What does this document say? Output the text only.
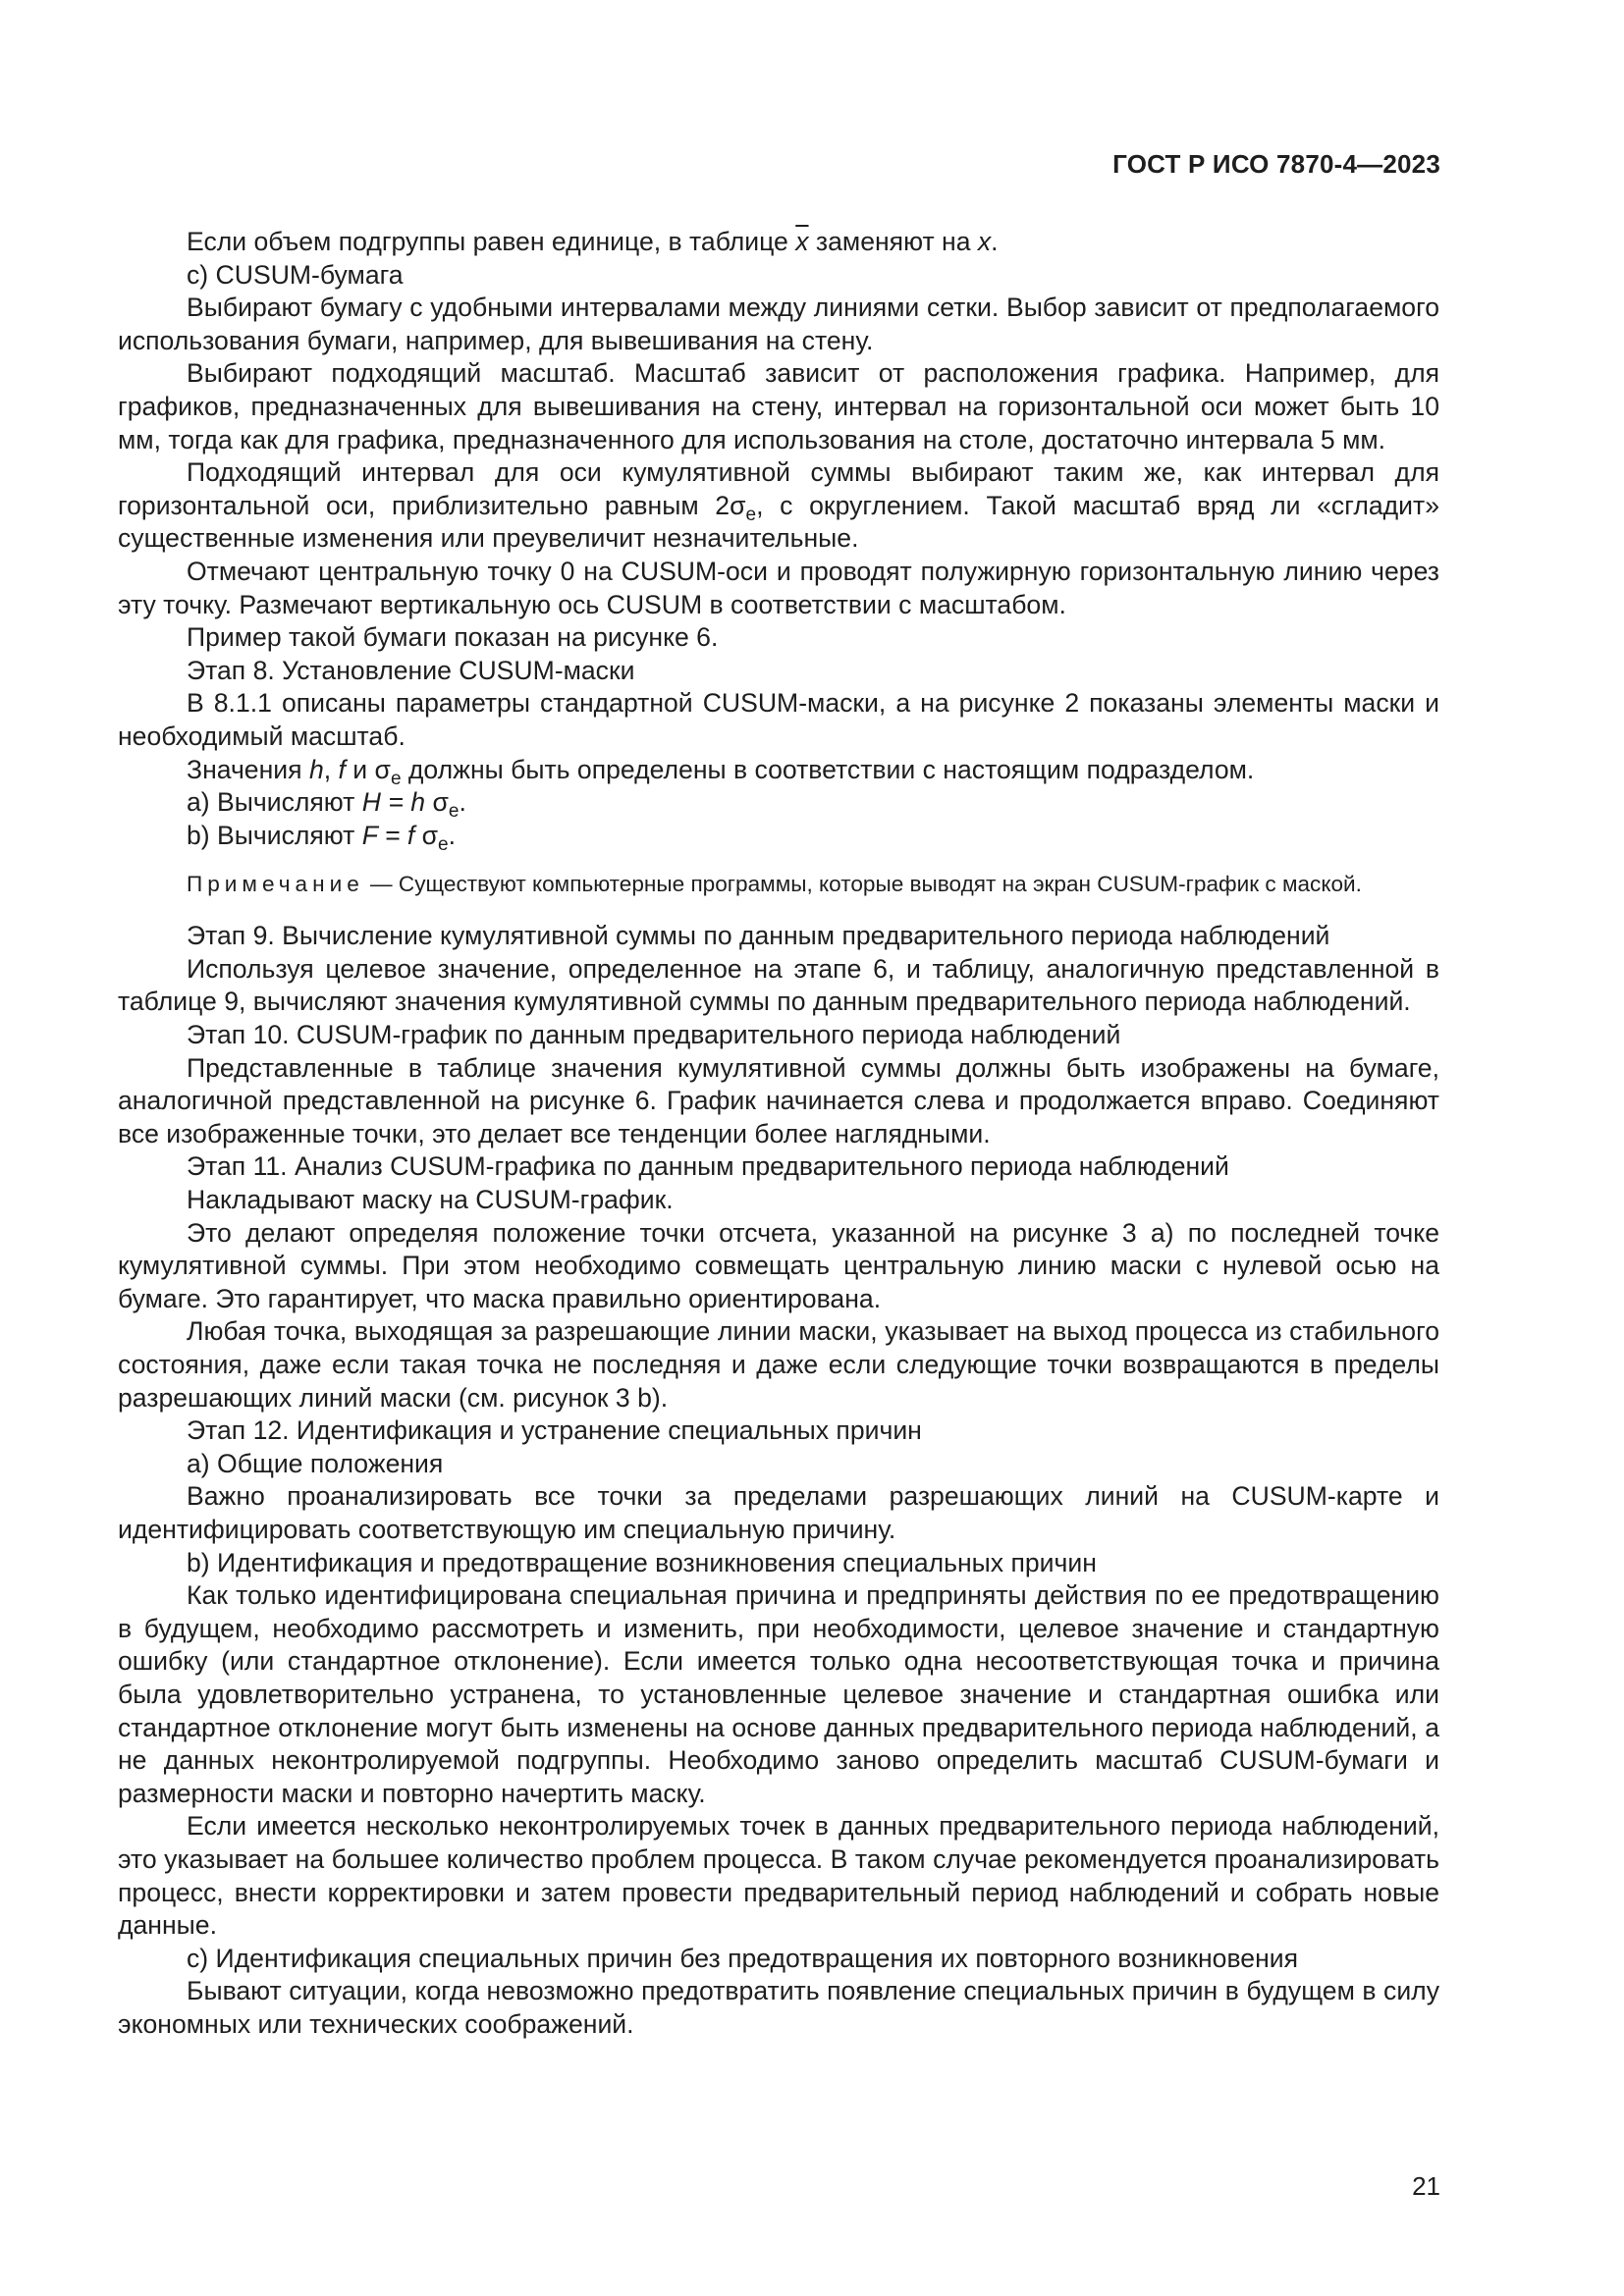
ГОСТ Р ИСО 7870-4—2023

Если объем подгруппы равен единице, в таблице $\overline{x}$ заменяют на x.

c) CUSUM-бумага

Выбирают бумагу с удобными интервалами между линиями сетки. Выбор зависит от предполагаемого использования бумаги, например, для вывешивания на стену.

Выбирают подходящий масштаб. Масштаб зависит от расположения графика. Например, для графиков, предназначенных для вывешивания на стену, интервал на горизонтальной оси может быть 10 мм, тогда как для графика, предназначенного для использования на столе, достаточно интервала 5 мм.

Подходящий интервал для оси кумулятивной суммы выбирают таким же, как интервал для горизонтальной оси, приблизительно равным $2\sigma_e$, с округлением. Такой масштаб вряд ли «сгладит» существенные изменения или преувеличит незначительные.

Отмечают центральную точку 0 на CUSUM-оси и проводят полужирную горизонтальную линию через эту точку. Размечают вертикальную ось CUSUM в соответствии с масштабом.

Пример такой бумаги показан на рисунке 6.

Этап 8. Установление CUSUM-маски

В 8.1.1 описаны параметры стандартной CUSUM-маски, а на рисунке 2 показаны элементы маски и необходимый масштаб.

Значения h, f и $\sigma_e$ должны быть определены в соответствии с настоящим подразделом.

a) Вычисляют H = h $\sigma_e$.

b) Вычисляют F = f $\sigma_e$.

Примечание — Существуют компьютерные программы, которые выводят на экран CUSUM-график с маской.

Этап 9. Вычисление кумулятивной суммы по данным предварительного периода наблюдений

Используя целевое значение, определенное на этапе 6, и таблицу, аналогичную представленной в таблице 9, вычисляют значения кумулятивной суммы по данным предварительного периода наблюдений.

Этап 10. CUSUM-график по данным предварительного периода наблюдений

Представленные в таблице значения кумулятивной суммы должны быть изображены на бумаге, аналогичной представленной на рисунке 6. График начинается слева и продолжается вправо. Соединяют все изображенные точки, это делает все тенденции более наглядными.

Этап 11. Анализ CUSUM-графика по данным предварительного периода наблюдений

Накладывают маску на CUSUM-график.

Это делают определяя положение точки отсчета, указанной на рисунке 3 a) по последней точке кумулятивной суммы. При этом необходимо совмещать центральную линию маски с нулевой осью на бумаге. Это гарантирует, что маска правильно ориентирована.

Любая точка, выходящая за разрешающие линии маски, указывает на выход процесса из стабильного состояния, даже если такая точка не последняя и даже если следующие точки возвращаются в пределы разрешающих линий маски (см. рисунок 3 b).

Этап 12. Идентификация и устранение специальных причин

a) Общие положения

Важно проанализировать все точки за пределами разрешающих линий на CUSUM-карте и идентифицировать соответствующую им специальную причину.

b) Идентификация и предотвращение возникновения специальных причин

Как только идентифицирована специальная причина и предприняты действия по ее предотвращению в будущем, необходимо рассмотреть и изменить, при необходимости, целевое значение и стандартную ошибку (или стандартное отклонение). Если имеется только одна несоответствующая точка и причина была удовлетворительно устранена, то установленные целевое значение и стандартная ошибка или стандартное отклонение могут быть изменены на основе данных предварительного периода наблюдений, а не данных неконтролируемой подгруппы. Необходимо заново определить масштаб CUSUM-бумаги и размерности маски и повторно начертить маску.

Если имеется несколько неконтролируемых точек в данных предварительного периода наблюдений, это указывает на большее количество проблем процесса. В таком случае рекомендуется проанализировать процесс, внести корректировки и затем провести предварительный период наблюдений и собрать новые данные.

c) Идентификация специальных причин без предотвращения их повторного возникновения

Бывают ситуации, когда невозможно предотвратить появление специальных причин в будущем в силу экономных или технических соображений.

21
